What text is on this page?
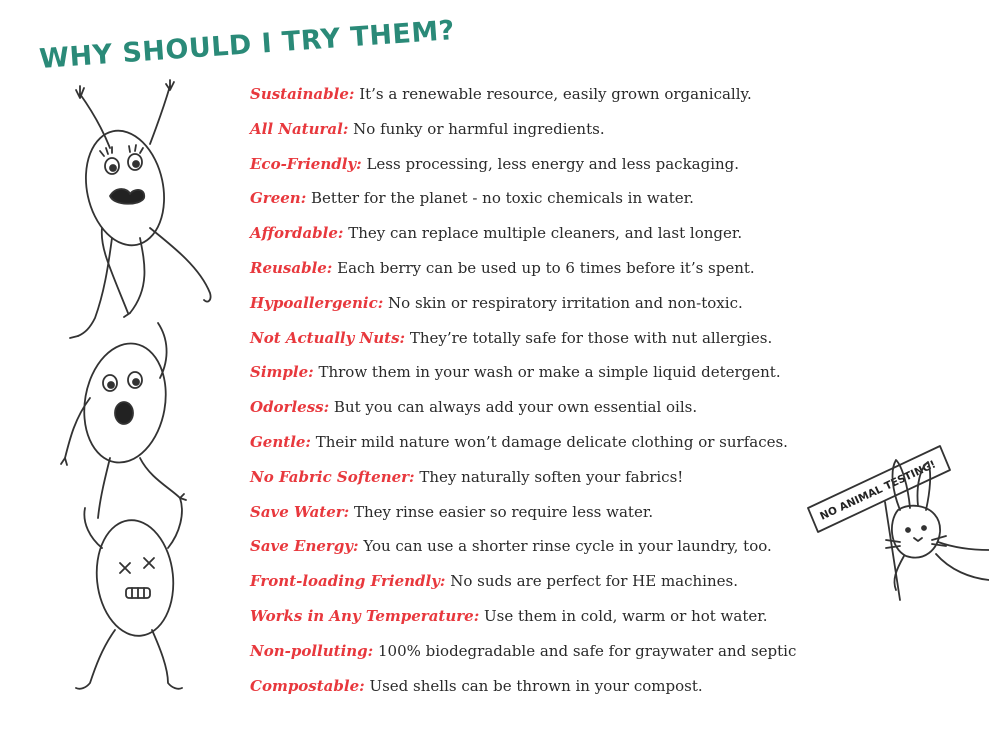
WHY SHOULD I TRY THEM?
Sustainable: It’s a renewable resource, easily grown organically.
All Natural: No funky or harmful ingredients.
Eco-Friendly: Less processing, less energy and less packaging.
Green: Better for the planet - no toxic chemicals in water.
Affordable: They can replace multiple cleaners, and last longer.
Reusable: Each berry can be used up to 6 times before it’s spent.
Hypoallergenic: No skin or respiratory irritation and non-toxic.
Not Actually Nuts: They’re totally safe for those with nut allergies.
Simple: Throw them in your wash or make a simple liquid detergent.
Odorless: But you can always add your own essential oils.
Gentle: Their mild nature won’t damage delicate clothing or surfaces.
No Fabric Softener: They naturally soften your fabrics!
Save Water: They rinse easier so require less water.
Save Energy: You can use a shorter rinse cycle in your laundry, too.
Front-loading Friendly: No suds are perfect for HE machines.
Works in Any Temperature: Use them in cold, warm or hot water.
Non-polluting: 100% biodegradable and safe for graywater and septic
Compostable: Used shells can be thrown in your compost.
NO ANIMAL TESTING!
